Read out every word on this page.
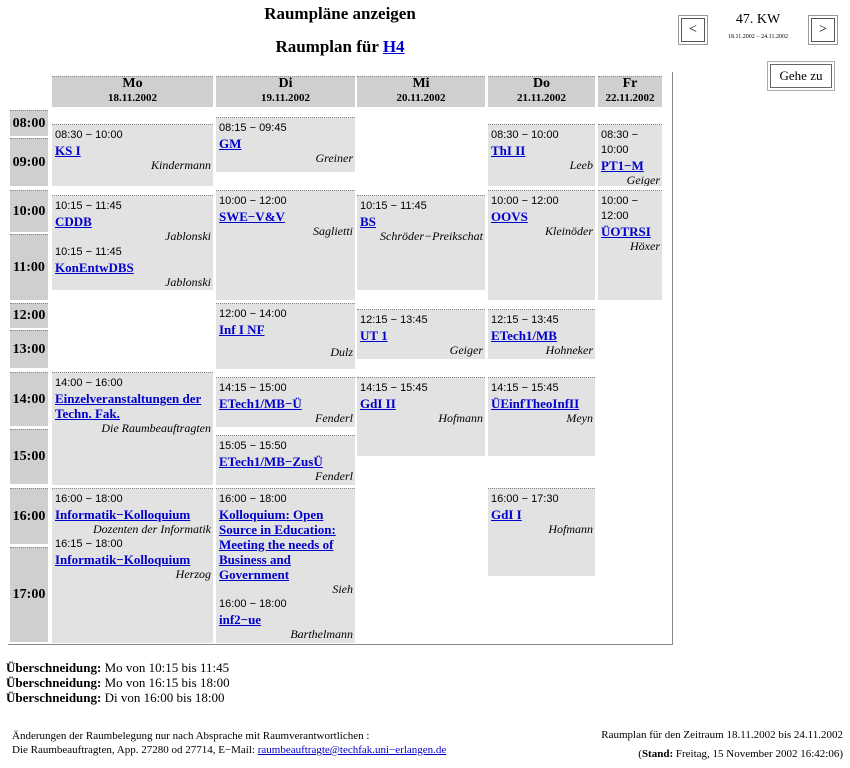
Raumpläne anzeigen
Raumplan für H4
<	>
47. KW
18.11.2002 − 24.11.2002
Gehe zu
Mo
18.11.2002
Di
19.11.2002
Mi
20.11.2002
Do
21.11.2002
Fr
22.11.2002
08:00
09:00
10:00
11:00
12:00
13:00
14:00
15:00
16:00
17:00
08:30 − 10:00
KS I
Kindermann
10:15 − 11:45
CDDB
Jablonski
10:15 − 11:45
KonEntwDBS
Jablonski
14:00 − 16:00
Einzelveranstaltungen der Techn. Fak.
Die Raumbeauftragten
16:00 − 18:00
Informatik−Kolloquium
Dozenten der Informatik
16:15 − 18:00
Informatik−Kolloquium
Herzog
08:15 − 09:45
GM
Greiner
10:00 − 12:00
SWE−V&V
Saglietti
12:00 − 14:00
Inf I NF
Dulz
14:15 − 15:00
ETech1/MB−Ü
Fenderl
15:05 − 15:50
ETech1/MB−ZusÜ
Fenderl
16:00 − 18:00
Kolloquium: Open Source in Education: Meeting the needs of Business and Government
Sieh
16:00 − 18:00
inf2−ue
Barthelmann
10:15 − 11:45
BS
Schröder−Preikschat
12:15 − 13:45
UT 1
Geiger
14:15 − 15:45
GdI II
Hofmann
08:30 − 10:00
ThI II
Leeb
10:00 − 12:00
OOVS
Kleinöder
12:15 − 13:45
ETech1/MB
Hohneker
14:15 − 15:45
ÜEinfTheoInfII
Meyn
16:00 − 17:30
GdI I
Hofmann
08:30 −
10:00
PT1−M
Geiger
10:00 −
12:00
ÜOTRSI
Höxer
Überschneidung: Mo von 10:15 bis 11:45
Überschneidung: Mo von 16:15 bis 18:00
Überschneidung: Di von 16:00 bis 18:00
Änderungen der Raumbelegung nur nach Absprache mit Raumverantwortlichen :
Die Raumbeauftragten, App. 27280 od 27714, E−Mail: raumbeauftragte@techfak.uni−erlangen.de
Raumplan für den Zeitraum 18.11.2002 bis 24.11.2002
(Stand: Freitag, 15 November 2002 16:42:06)
